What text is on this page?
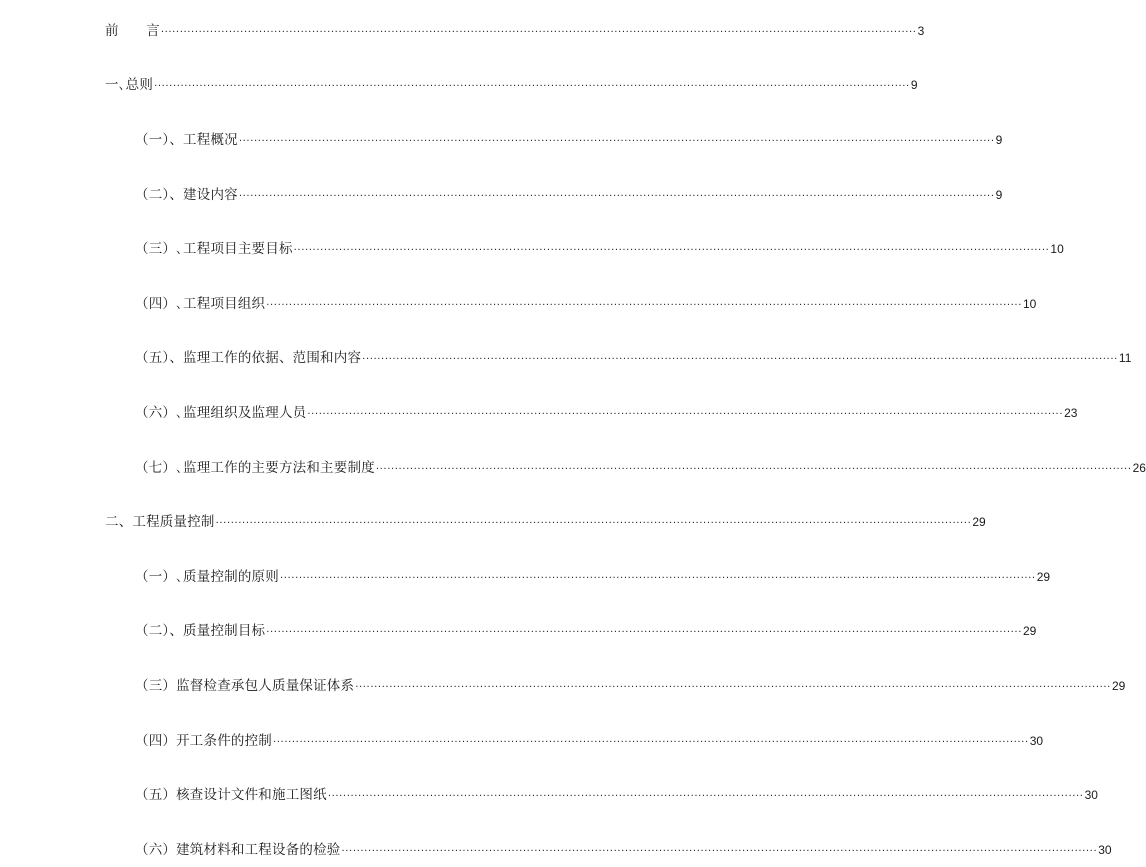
前　　言 ········································································································································································································ 3
一､总则 ········································································································································································································ 9
（一）、工程概况 ········································································································································································································ 9
（二）、建设内容 ········································································································································································································ 9
（三）､工程项目主要目标 ········································································································································································································ 10
（四）､工程项目组织 ········································································································································································································ 10
（五）、监理工作的依据、范围和内容 ········································································································································································································ 11
（六）､监理组织及监理人员 ········································································································································································································ 23
（七）､监理工作的主要方法和主要制度 ········································································································································································································ 26
二、工程质量控制 ········································································································································································································ 29
（一）､质量控制的原则 ········································································································································································································ 29
（二）、质量控制目标 ········································································································································································································ 29
（三）监督检查承包人质量保证体系 ········································································································································································································ 29
（四）开工条件的控制 ········································································································································································································ 30
（五）核查设计文件和施工图纸 ········································································································································································································ 30
（六）建筑材料和工程设备的检验 ········································································································································································································ 30
